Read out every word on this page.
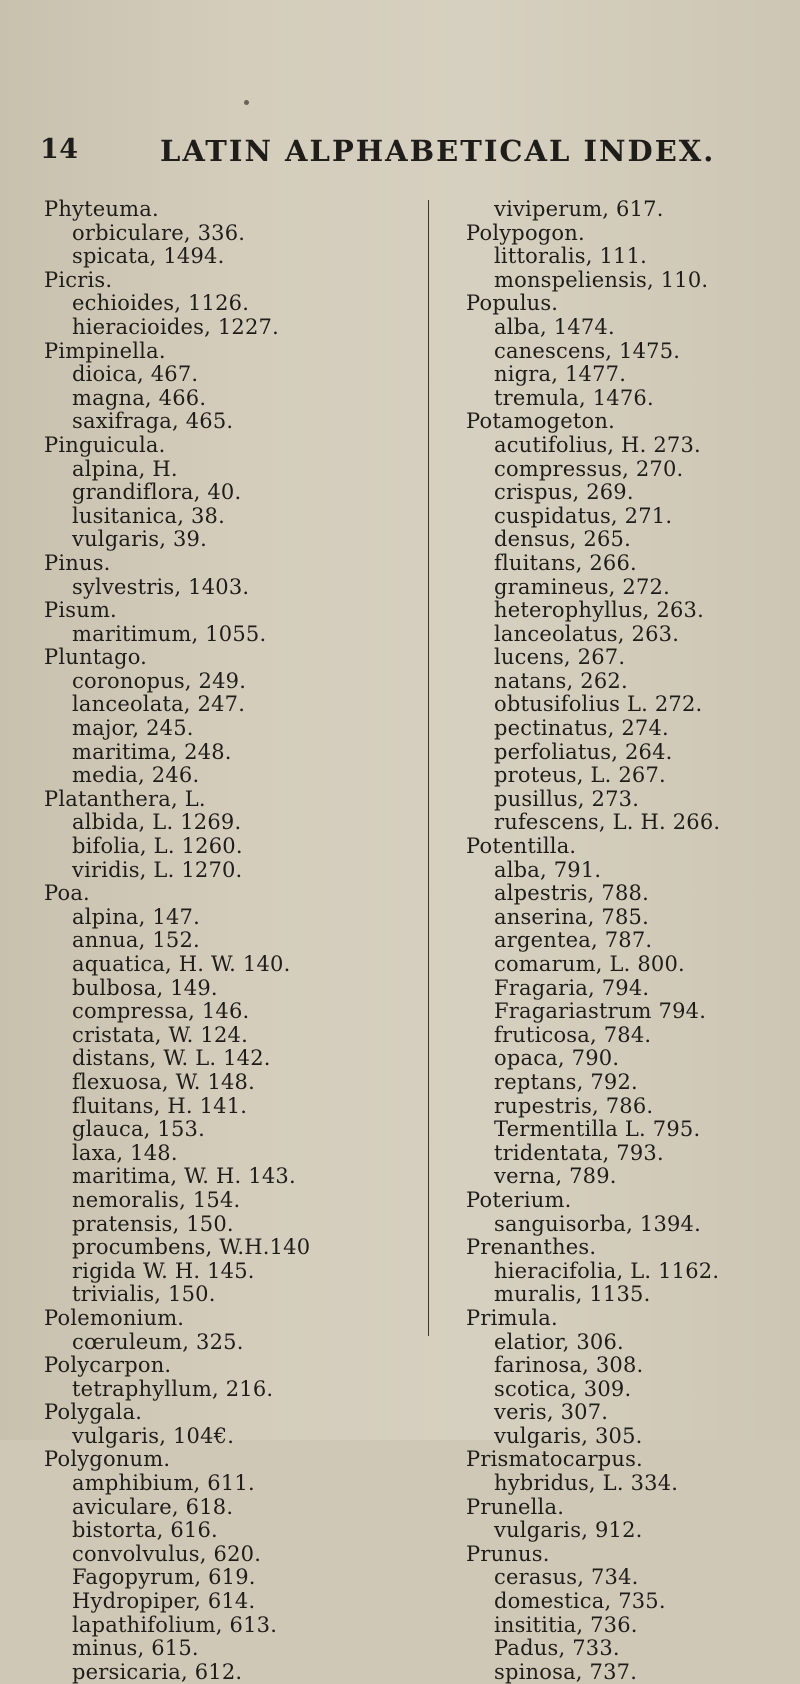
14	LATIN ALPHABETICAL INDEX.
Phyteuma.
orbiculare, 336.
spicata, 1494.
Picris.
echioides, 1126.
hieracioides, 1227.
Pimpinella.
dioica, 467.
magna, 466.
saxifraga, 465.
Pinguicula.
alpina, H.
grandiflora, 40.
lusitanica, 38.
vulgaris, 39.
Pinus.
sylvestris, 1403.
Pisum.
maritimum, 1055.
Pluntago.
coronopus, 249.
lanceolata, 247.
major, 245.
maritima, 248.
media, 246.
Platanthera, L.
albida, L. 1269.
bifolia, L. 1260.
viridis, L. 1270.
Poa.
alpina, 147.
annua, 152.
aquatica, H. W. 140.
bulbosa, 149.
compressa, 146.
cristata, W. 124.
distans, W. L. 142.
flexuosa, W. 148.
fluitans, H. 141.
glauca, 153.
laxa, 148.
maritima, W. H. 143.
nemoralis, 154.
pratensis, 150.
procumbens, W.H.140
rigida W. H. 145.
trivialis, 150.
Polemonium.
cœruleum, 325.
Polycarpon.
tetraphyllum, 216.
Polygala.
vulgaris, 104€.
Polygonum.
amphibium, 611.
aviculare, 618.
bistorta, 616.
convolvulus, 620.
Fagopyrum, 619.
Hydropiper, 614.
lapathifolium, 613.
minus, 615.
persicaria, 612.
viviperum, 617.
Polypogon.
littoralis, 111.
monspeliensis, 110.
Populus.
alba, 1474.
canescens, 1475.
nigra, 1477.
tremula, 1476.
Potamogeton.
acutifolius, H. 273.
compressus, 270.
crispus, 269.
cuspidatus, 271.
densus, 265.
fluitans, 266.
gramineus, 272.
heterophyllus, 263.
lanceolatus, 263.
lucens, 267.
natans, 262.
obtusifolius L. 272.
pectinatus, 274.
perfoliatus, 264.
proteus, L. 267.
pusillus, 273.
rufescens, L. H. 266.
Potentilla.
alba, 791.
alpestris, 788.
anserina, 785.
argentea, 787.
comarum, L. 800.
Fragaria, 794.
Fragariastrum 794.
fruticosa, 784.
opaca, 790.
reptans, 792.
rupestris, 786.
Termentilla L. 795.
tridentata, 793.
verna, 789.
Poterium.
sanguisorba, 1394.
Prenanthes.
hieracifolia, L. 1162.
muralis, 1135.
Primula.
elatior, 306.
farinosa, 308.
scotica, 309.
veris, 307.
vulgaris, 305.
Prismatocarpus.
hybridus, L. 334.
Prunella.
vulgaris, 912.
Prunus.
cerasus, 734.
domestica, 735.
insititia, 736.
Padus, 733.
spinosa, 737.
